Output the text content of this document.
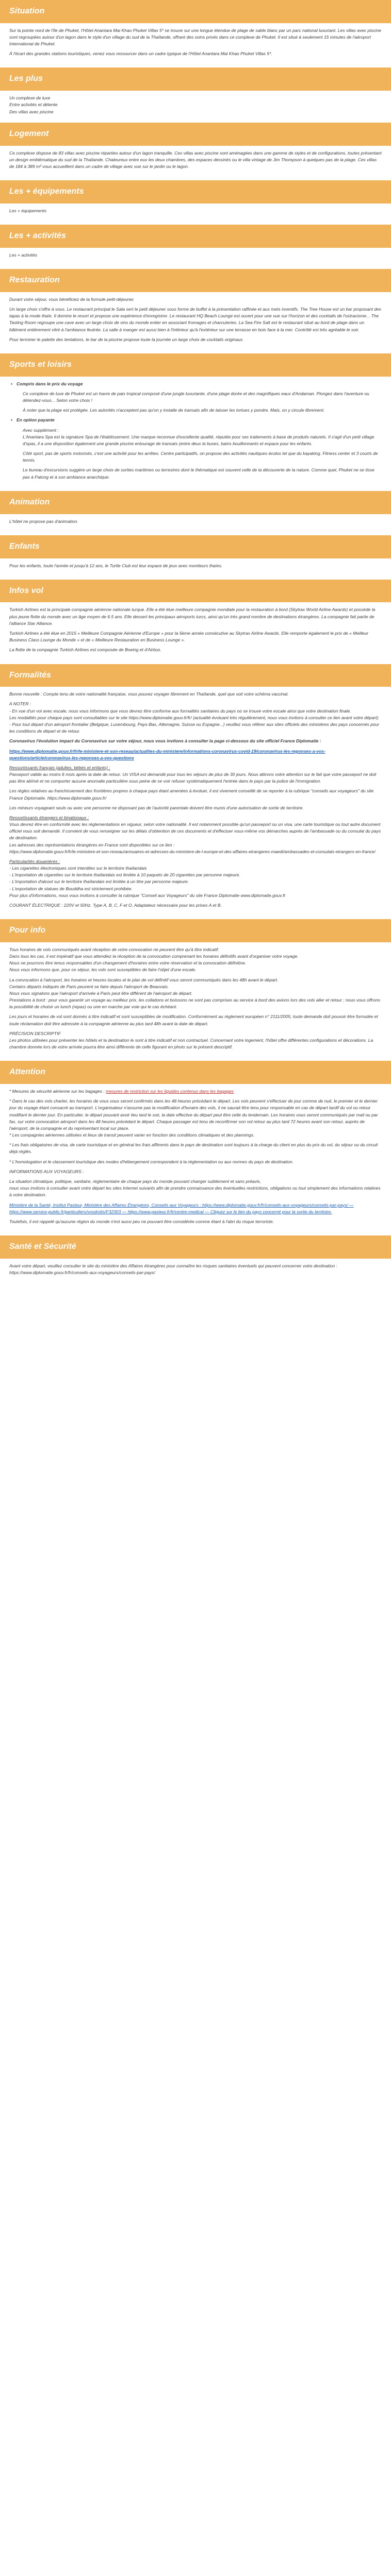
Situation

Sur la pointe nord de l'île de Phuket, l'Hôtel Anantara Mai Khao Phuket Villas 5* se trouve sur une longue étendue de plage de sable blanc par un parc national luxuriant. Les villas avec piscine sont regroupées autour d'un lagon dans le style d'un village du sud de la Thaïlande, offrant des soins privés dans ce complexe de Phuket. Il est situé à seulement 15 minutes de l'aéroport International de Phuket.

À l'écart des grandes stations touristiques, venez vous ressourcer dans un cadre typique de l'Hôtel Anantara Mai Khao Phuket Villas 5*.

Les plus

Un complexe de luxe

Entre activités et détente

Des villas avec piscine

Logement

Ce complexe dispose de 83 villas avec piscine réparties autour d'un lagon tranquille. Ces villas avec piscine sont aménagées dans une gamme de styles et de configurations, toutes présentant un design emblématique du sud de la Thaïlande. Chaleureux entre eux les deux chambres, des espaces dessinés ou le villa vintage de Jim Thompson à quelques pas de la plage. Ces villas de 184 à 389 m² vous accueillent dans un cadre de village avec vue sur le jardin ou le lagon.

Les + équipements

Les + équipements

Les + activités

Les + activités

Restauration

Durant votre séjour, vous bénéficiez de la formule petit-déjeuner.

Un large choix s'offre à vous. Le restaurant principal le Sala sert le petit déjeuner sous forme de buffet à la présentation raffinée et aux mets inventifs. The Tree House est un bar proposant des tapas à la mode thaïe. Il domine le resort et propose une expérience d'enregistrer. Le restaurant HQ Beach Lounge est ouvert pour une vue sur l'horizon et des cocktails de l'ostracisme... The Tasting Room regroupe une cave avec un large choix de vins du monde entier en associant fromages et charcuteries. La Sea Fire Salt est le restaurant situé au bord de plage dans un bâtiment entièrement vitré à l'ambiance feutrée. La salle à manger est aussi bien à l'intérieur qu'à l'extérieur sur une terrasse en bois face à la mer. Contrôlé est très agréable le soir.

Pour terminer le palette des tentations, le bar de la piscine propose toute la journée un large choix de cocktails originaux.

Sports et loisirs
• Compris dans le prix du voyage

Ce complexe de luxe de Phuket est un havre de paix tropical composé d'une jungle luxuriante, d'une plage dorée et des magnifiques eaux d'Andaman. Plongez dans l'aventure ou détendez-vous... Selon votre choix !

À noter que la plage est protégée. Les autorités n'acceptent pas qu'on y installe de transats afin de laisser les tortues y pondre. Mais, on y circule librement.

• En option payante

Avec supplément :
L'Anantara Spa est la signature Spa de l'établissement. Une marque reconnue d'excellente qualité, réputée pour ses traitements à base de produits naturels. Il s'agit d'un petit village d'spas, il a une disposition également une grande piscine entourage de transats (entre deux la buses, bains bouillonnants et espace pour les enfants.

Côté sport, pas de sports motorisés, c'est une activité pour les arrêtes. Centre participatifs, on propose des activités nautiques écolos tel que du kayaking. Fitness center et 3 courts de tennis.

Le bureau d'excursions suggère un large choix de sorties maritimes ou terrestres dont le thématique est souvent celle de la découverte de la nature. Comme quel, Phuket ne se tisse pas à Patong et à son ambiance anarchique.

Animation

L'hôtel ne propose pas d'animation.

Enfants

Pour les enfants, toute l'année et jusqu'à 12 ans, le Turtle Club est leur espace de jeux avec moniteurs thaïes.

Infos vol

Turkish Airlines est la principale compagnie aérienne nationale turque. Elle a été élue meilleure compagnie mondiale pour la restauration à bord (Skytrax World Airline Awards) et possède la plus jeune flotte du monde avec un âge moyen de 6.5 ans. Elle dessert les principaux aéroports turcs, ainsi qu'un très grand nombre de destinations étrangères. La compagnie fait partie de l'alliance Star Alliance.

Turkish Airlines a été élue en 2015 « Meilleure Compagnie Aérienne d'Europe » pour la 5ème année consécutive au Skytrax Airline Awards. Elle remporte également le prix de « Meilleur Business Class Lounge du Monde » et de « Meilleure Restauration en Business Lounge ».

La flotte de la compagnie Turkish Airlines est composée de Boeing et d'Airbus.

Formalités

Bonne nouvelle : Compte tenu de votre nationalité française, vous pouvez voyager librement en Thaïlande, quel que soit votre schéma vaccinal.

A NOTER :
- En vue d'un vol avec escale, nous vous informons que vous devrez être conforme aux formalités sanitaires du pays où se trouve votre escale ainsi que votre destination finale.
Les modalités pour chaque pays sont consultables sur le site https://www.diplomatie.gouv.fr/fr/ (actualité évoluant très régulièrement, nous vous invitons à consulter ce lien avant votre départ).
- Pour tout départ d'un aéroport frontalier (Belgique, Luxembourg, Pays-Bas, Allemagne, Suisse ou Espagne...) veuillez vous référer aux sites officiels des ministères des pays concernés pour les conditions de départ et de retour.

Coronavirus l'évolution impact du Coronavirus sur votre séjour, nous vous invitons à consulter la page ci-dessous du site officiel France Diplomatie :

https://www.diplomatie.gouv.fr/fr/le-ministere-et-son-reseau/actualites-du-ministere/informations-coronavirus-covid-19/coronavirus-les-reponses-a-vos-questions/article/coronavirus-les-reponses-a-vos-questions

Ressortissants français (adultes, bébés et enfants) :

Passeport valide au moins 6 mois après la date de retour. Un VISA est demandé pour tous les séjours de plus de 30 jours. Nous attirons votre attention sur le fait que votre passeport ne doit pas être abîmé et ne comporter aucune anomalie particulière sous peine de se voir refuser systématiquement l'entrée dans le pays par la police de l'immigration.

Les règles relatives au franchissement des frontières propres à chaque pays étant amenées à évoluer, il est vivement conseillé de se reporter à la rubrique "conseils aux voyageurs" du site France Diplomatie. https://www.diplomatie.gouv.fr/

Les mineurs voyageant seuls ou avec une personne ne disposant pas de l'autorité parentale doivent être munis d'une autorisation de sortie de territoire.

Ressortissants étrangers et binationaux :

Vous devrez être en conformité avec les réglementations en vigueur, selon votre nationalité. Il est notamment possible qu'un passeport ou un visa, une carte touristique ou tout autre document officiel vous soit demandé. Il convient de vous renseigner sur les délais d'obtention de ces documents et d'effectuer vous-même vos démarches auprès de l'ambassade ou du consulat du pays de destination.
Les adresses des représentations étrangères en France sont disponibles sur ce lien :
https://www.diplomatie.gouv.fr/fr/le-ministere-et-son-reseau/annuaires-et-adresses-du-ministere-de-l-europe-et-des-affaires-etrangeres-maedi/ambassades-et-consulats-etrangers-en-france/

Particularités douanières :

- Les cigarettes électroniques sont interdites sur le territoire thaïlandais
- L'importation de cigarettes sur le territoire thaïlandais est limitée à 10 paquets de 20 cigarettes par personne majeure.
- L'importation d'alcool sur le territoire thaïlandais est limitée à un litre par personne majeure.
- L'exportation de statues de Bouddha est strictement prohibée.
Pour plus d'informations, nous vous invitons à consulter la rubrique "Conseil aux Voyageurs" du site France Diplomatie www.diplomatie.gouv.fr

COURANT ÉLECTRIQUE : 220V et 50Hz. Type A, B, C, F et O. Adaptateur nécessaire pour les prises A et B.

Pour info

Tous horaires de vols communiqués avant réception de votre convocation ne peuvent être qu'à titre indicatif.
Dans tous les cas, il est impératif que vous attendiez la réception de la convocation comprenant les horaires définitifs avant d'organiser votre voyage.
Nous ne pourrons être tenus responsables d'un changement d'horaires entre votre réservation et la convocation définitive.
Nous vous informons que, pour ce séjour, les vols sont susceptibles de faire l'objet d'une escale.

La convocation à l'aéroport, les horaires et heures locales et le plan de vol définitif vous seront communiqués dans les 48h avant le départ.
Certains départs indiqués de Paris peuvent se faire depuis l'aéroport de Beauvais.
Nous vous signalons que l'aéroport d'arrivée à Paris peut être différent de l'aéroport de départ.
Prestations à bord : pour vous garantir un voyage au meilleur prix, les collations et boissons ne sont pas comprises au service à bord des avions lors des vols aller et retour ; nous vous offrons la possibilité de choisir un lunch (repas) ou une en marche par voie qui le cas échéant.

Les jours et horaires de vol sont donnés à titre indicatif et sont susceptibles de modification. Conformément au règlement européen n° 2111/2005, toute demande doit pouvoir être formulée et toute réclamation doit être adressée à la compagnie aérienne au plus tard 48h avant la date de départ.

PRÉCISION DESCRIPTIF
Les photos utilisées pour présenter les hôtels et la destination le sont à titre indicatif et non contractuel. Concernant votre logement, l'hôtel offre différentes configurations et décorations. La chambre donnée lors de votre arrivée pourra être ainsi différente de celle figurant en photo sur le présent descriptif.

Attention

* Mesures de sécurité aérienne sur les bagages : mesures de restriction sur les liquides contenus dans les bagages

* Dans le cas des vols charter, les horaires de vous vous seront confirmés dans les 48 heures précédant le départ. Les vols peuvent s'effectuer de jour comme de nuit, le premier et le dernier jour du voyage étant consacré au transport. L'organisateur n'assume pas la modification d'horaire des vols, il ne saurait être tenu pour responsable en cas de départ tardif du vol ou retour modifiant le dernier jour. En particulier, le départ pouvant avoir lieu tard le soir, la date effective du départ peut être celle du lendemain. Les horaires vous seront communiqués par mail ou par fax, sur votre convocation aéroport dans les 48 heures précédant le départ. Chaque passager est tenu de reconfirmer son vol retour au plus tard 72 heures avant son retour, auprès de l'aéroport, de la compagnie et du représentant local sur place.
* Les compagnies aériennes utilisées et lieux de transit peuvent varier en fonction des conditions climatiques et des plannings.

* Les frais obligatoires de visa, de carte touristique et en général les frais afférents dans le pays de destination sont toujours à la charge du client en plus du prix du vol, du séjour ou du circuit déjà réglés.

* L'homologation et le classement touristique des modes d'hébergement correspondent à la réglementation ou aux normes du pays de destination.

INFORMATIONS AUX VOYAGEURS :

La situation climatique, politique, sanitaire, réglementaire de chaque pays du monde pouvant changer subitement et sans préavis,
nous vous invitons à consulter avant votre départ les sites Internet suivants afin de prendre connaissance des éventuelles restrictions, obligations ou tout simplement des informations relatives à votre destination.

Ministère de la Santé, Institut Pasteur, Ministère des Affaires Étrangères, Conseils aux Voyageurs : https://www.diplomatie.gouv.fr/fr/conseils-aux-voyageurs/conseils-par-pays/ — https://www.service-public.fr/particuliers/vosdroits/F32303 — https://www.pasteur.fr/fr/centre-medical — Cliquez sur le lien du pays concerné pour la sortie du territoire.

Toutefois, il est rappelé qu'aucune région du monde n'est aussi peu ne pouvant être considérée comme étant à l'abri du risque terroriste.

Santé et Sécurité

Avant votre départ, veuillez consulter le site du ministère des Affaires étrangères pour connaître les risques sanitaires éventuels qui peuvent concerner votre destination : https://www.diplomatie.gouv.fr/fr/conseils-aux-voyageurs/conseils-par-pays/
